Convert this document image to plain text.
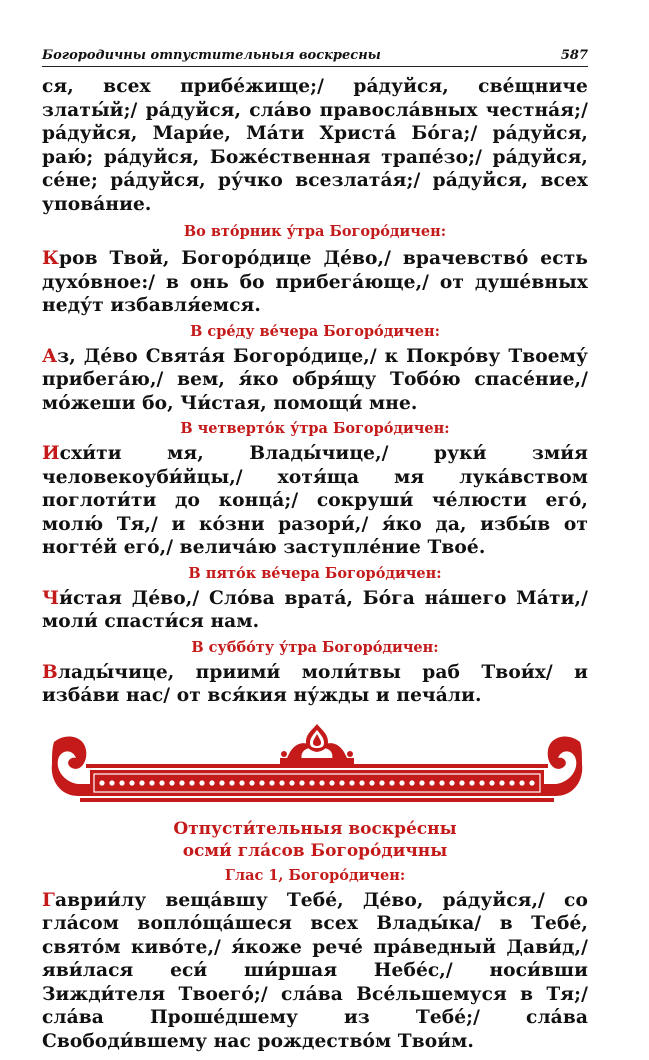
Богородичны отпустительныя воскресны	587

ся, всех прибе́жище;/ ра́дуйся, све́щниче златы́й;/ ра́дуйся, сла́во правосла́вных честна́я;/ ра́дуйся, Мари́е, Ма́ти Христа́ Бо́га;/ ра́дуйся, раю́; ра́дуйся, Боже́ственная трапе́зо;/ ра́дуйся, се́не; ра́дуйся, ру́чко всезлата́я;/ ра́дуйся, всех упова́ние.

Во вто́рник у́тра Богоро́дичен:

Кров Твой, Богоро́дице Де́во,/ врачевство́ есть духо́вное:/ в онь бо прибега́юще,/ от душе́вных неду́т избавля́емся.

В сре́ду ве́чера Богоро́дичен:

Аз, Де́во Свята́я Богоро́дице,/ к Покро́ву Твоему́ прибега́ю,/ вем, я́ко обря́щу Тобо́ю спасе́ние,/ мо́жеши бо, Чи́стая, помощи́ мне.

В четверто́к у́тра Богоро́дичен:

Исхи́ти мя, Влады́чице,/ руки́ зми́я человекоуби́йцы,/ хотя́ща мя лука́вством поглоти́ти до конца́;/ сокруши́ че́люсти его́, молю́ Тя,/ и ко́зни разори́,/ я́ко да, избы́в от ногте́й его́,/ велича́ю заступле́ние Твое́.

В пято́к ве́чера Богоро́дичен:

Чи́стая Де́во,/ Сло́ва врата́, Бо́га на́шего Ма́ти,/ моли́ спасти́ся нам.

В суббо́ту у́тра Богоро́дичен:

Влады́чице, приими́ моли́твы раб Твои́х/ и изба́ви нас/ от вся́кия ну́жды и печа́ли.

Отпусти́тельныя воскре́сны
осми́ гла́сов Богоро́дичны
Глас 1, Богоро́дичен:

Гаврии́лу веща́вшу Тебе́, Де́во, ра́дуйся,/ со гла́сом вопло́ща́шеся всех Влады́ка/ в Тебе́, свято́м киво́те,/ я́коже рече́ пра́ведный Дави́д,/ яви́лася еси́ ши́ршая Небе́с,/ носи́вши Зижди́теля Твоего́;/ сла́ва Все́льшемуся в Тя;/ сла́ва Проше́дшему из Тебе́;/ сла́ва Свободи́вшему нас рождество́м Твои́м.
